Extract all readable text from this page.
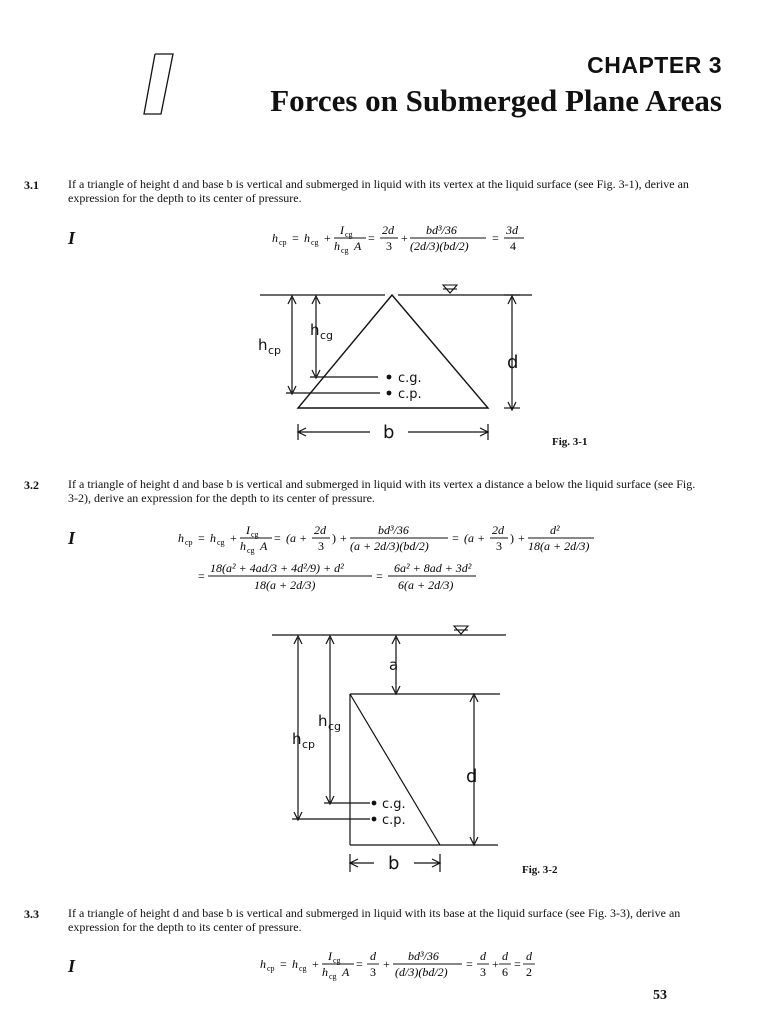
CHAPTER 3
Forces on Submerged Plane Areas
3.1 If a triangle of height d and base b is vertical and submerged in liquid with its vertex at the liquid surface (see Fig. 3-1), derive an expression for the depth to its center of pressure.
I	h cp = h cg +
I cg
h cg A
=
2d
3
+
bd³/36
(2d/3)(bd/2)
=
3d
4
h cg
h cp
c.g.
c.p.
d
b	Fig. 3-1
3.2 If a triangle of height d and base b is vertical and submerged in liquid with its vertex a distance a below the liquid surface (see Fig. 3-2), derive an expression for the depth to its center of pressure.
I	h cp = h cg +
I cg
h cg A
= (a +
2d
3
) +
bd³/36
(a + 2d/3)(bd/2)
= (a +
2d
3
) +
d²
18(a + 2d/3)
=
18(a² + 4ad/3 + 4d²/9) + d²
18(a + 2d/3)
=
6a² + 8ad + 3d²
6(a + 2d/3)
a
h cg
h cp
c.g.
c.p.
d
b	Fig. 3-2
3.3 If a triangle of height d and base b is vertical and submerged in liquid with its base at the liquid surface (see Fig. 3-3), derive an expression for the depth to its center of pressure.
I	h cp = h cg +
I cg
h cg A
=
d
3
+
bd³/36
(d/3)(bd/2)
=
d
3
+
d
6
=
d
2
53
